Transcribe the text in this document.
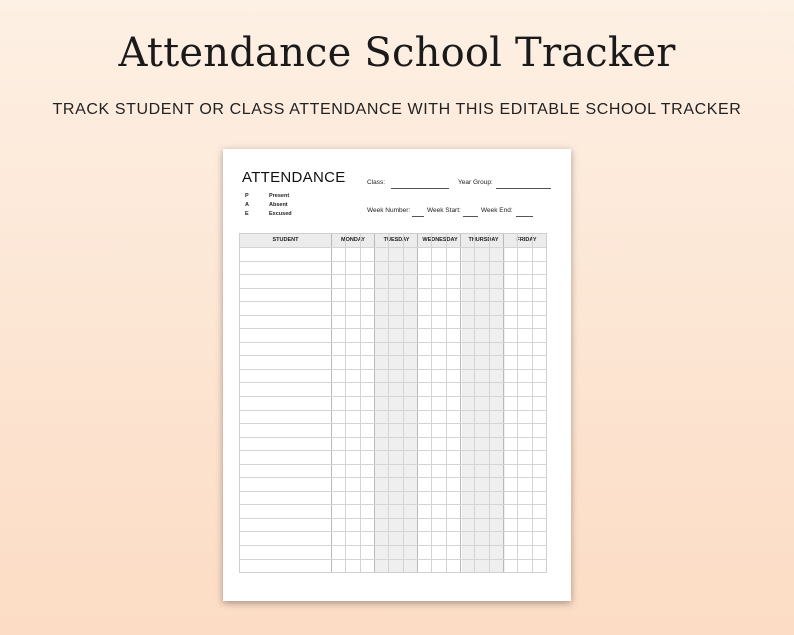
Attendance School Tracker

TRACK STUDENT OR CLASS ATTENDANCE WITH THIS EDITABLE SCHOOL TRACKER

ATTENDANCE
P	Present
A	Absent
E	Excused
Class:	Year Group:
Week Number:	Week Start:	Week End:
STUDENT	MONDAY	TUESDAY	WEDNESDAY	THURSDAY	FRIDAY
